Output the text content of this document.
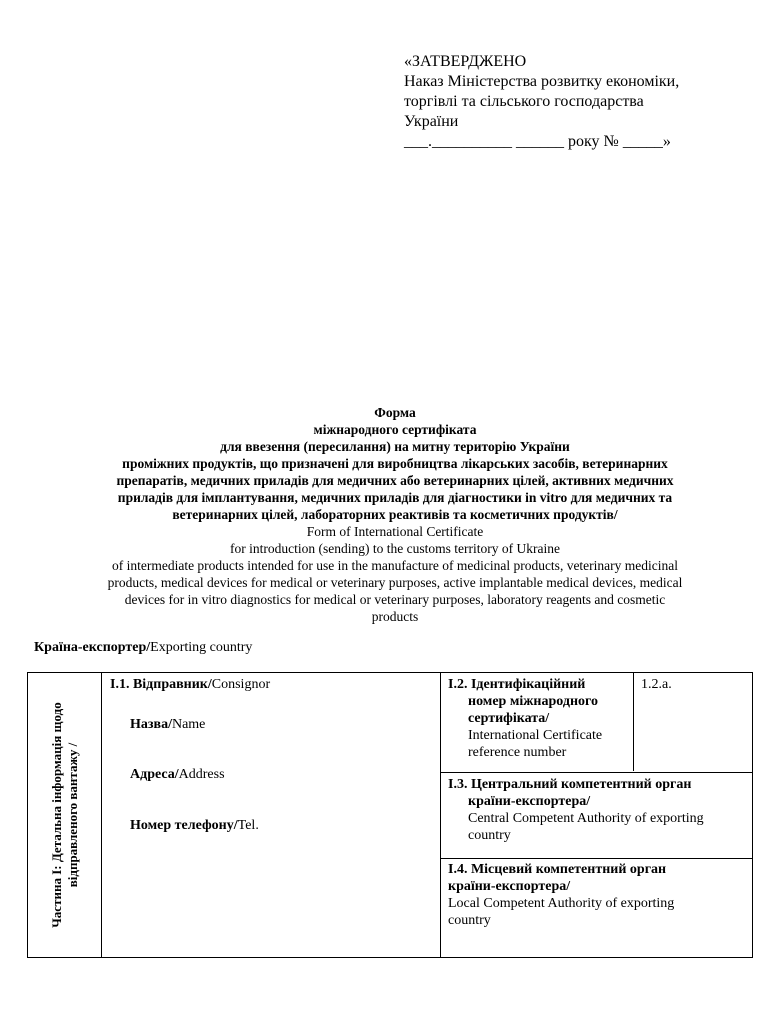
«ЗАТВЕРДЖЕНО
Наказ Міністерства розвитку економіки,
торгівлі та сільського господарства
України
___.__________ ______ року № _____»
Форма
міжнародного сертифіката
для ввезення (пересилання) на митну територію України
проміжних продуктів, що призначені для виробництва лікарських засобів, ветеринарних
препаратів, медичних приладів для медичних або ветеринарних цілей, активних медичних
приладів для імплантування, медичних приладів для діагностики in vitro для медичних та
ветеринарних цілей, лабораторних реактивів та косметичних продуктів/
Form of International Certificate
for introduction (sending) to the customs territory of Ukraine
of intermediate products intended for use in the manufacture of medicinal products, veterinary medicinal
products, medical devices for medical or veterinary purposes, active implantable medical devices, medical
devices for in vitro diagnostics for medical or veterinary purposes, laboratory reagents and cosmetic
products
Країна-експортер/Exporting country
Частина I: Детальна інформація щодо відправленого вантажу /
І.1. Відправник/Consignor
Назва/Name
Адреса/Address
Номер телефону/Tel.
І.2. Ідентифікаційний
номер міжнародного
сертифіката/
International Certificate
reference number
1.2.a.
І.3. Центральний компетентний орган
країни-експортера/
Central Competent Authority of exporting
country
І.4. Місцевий компетентний орган
країни-експортера/
Local Competent Authority of exporting
country
